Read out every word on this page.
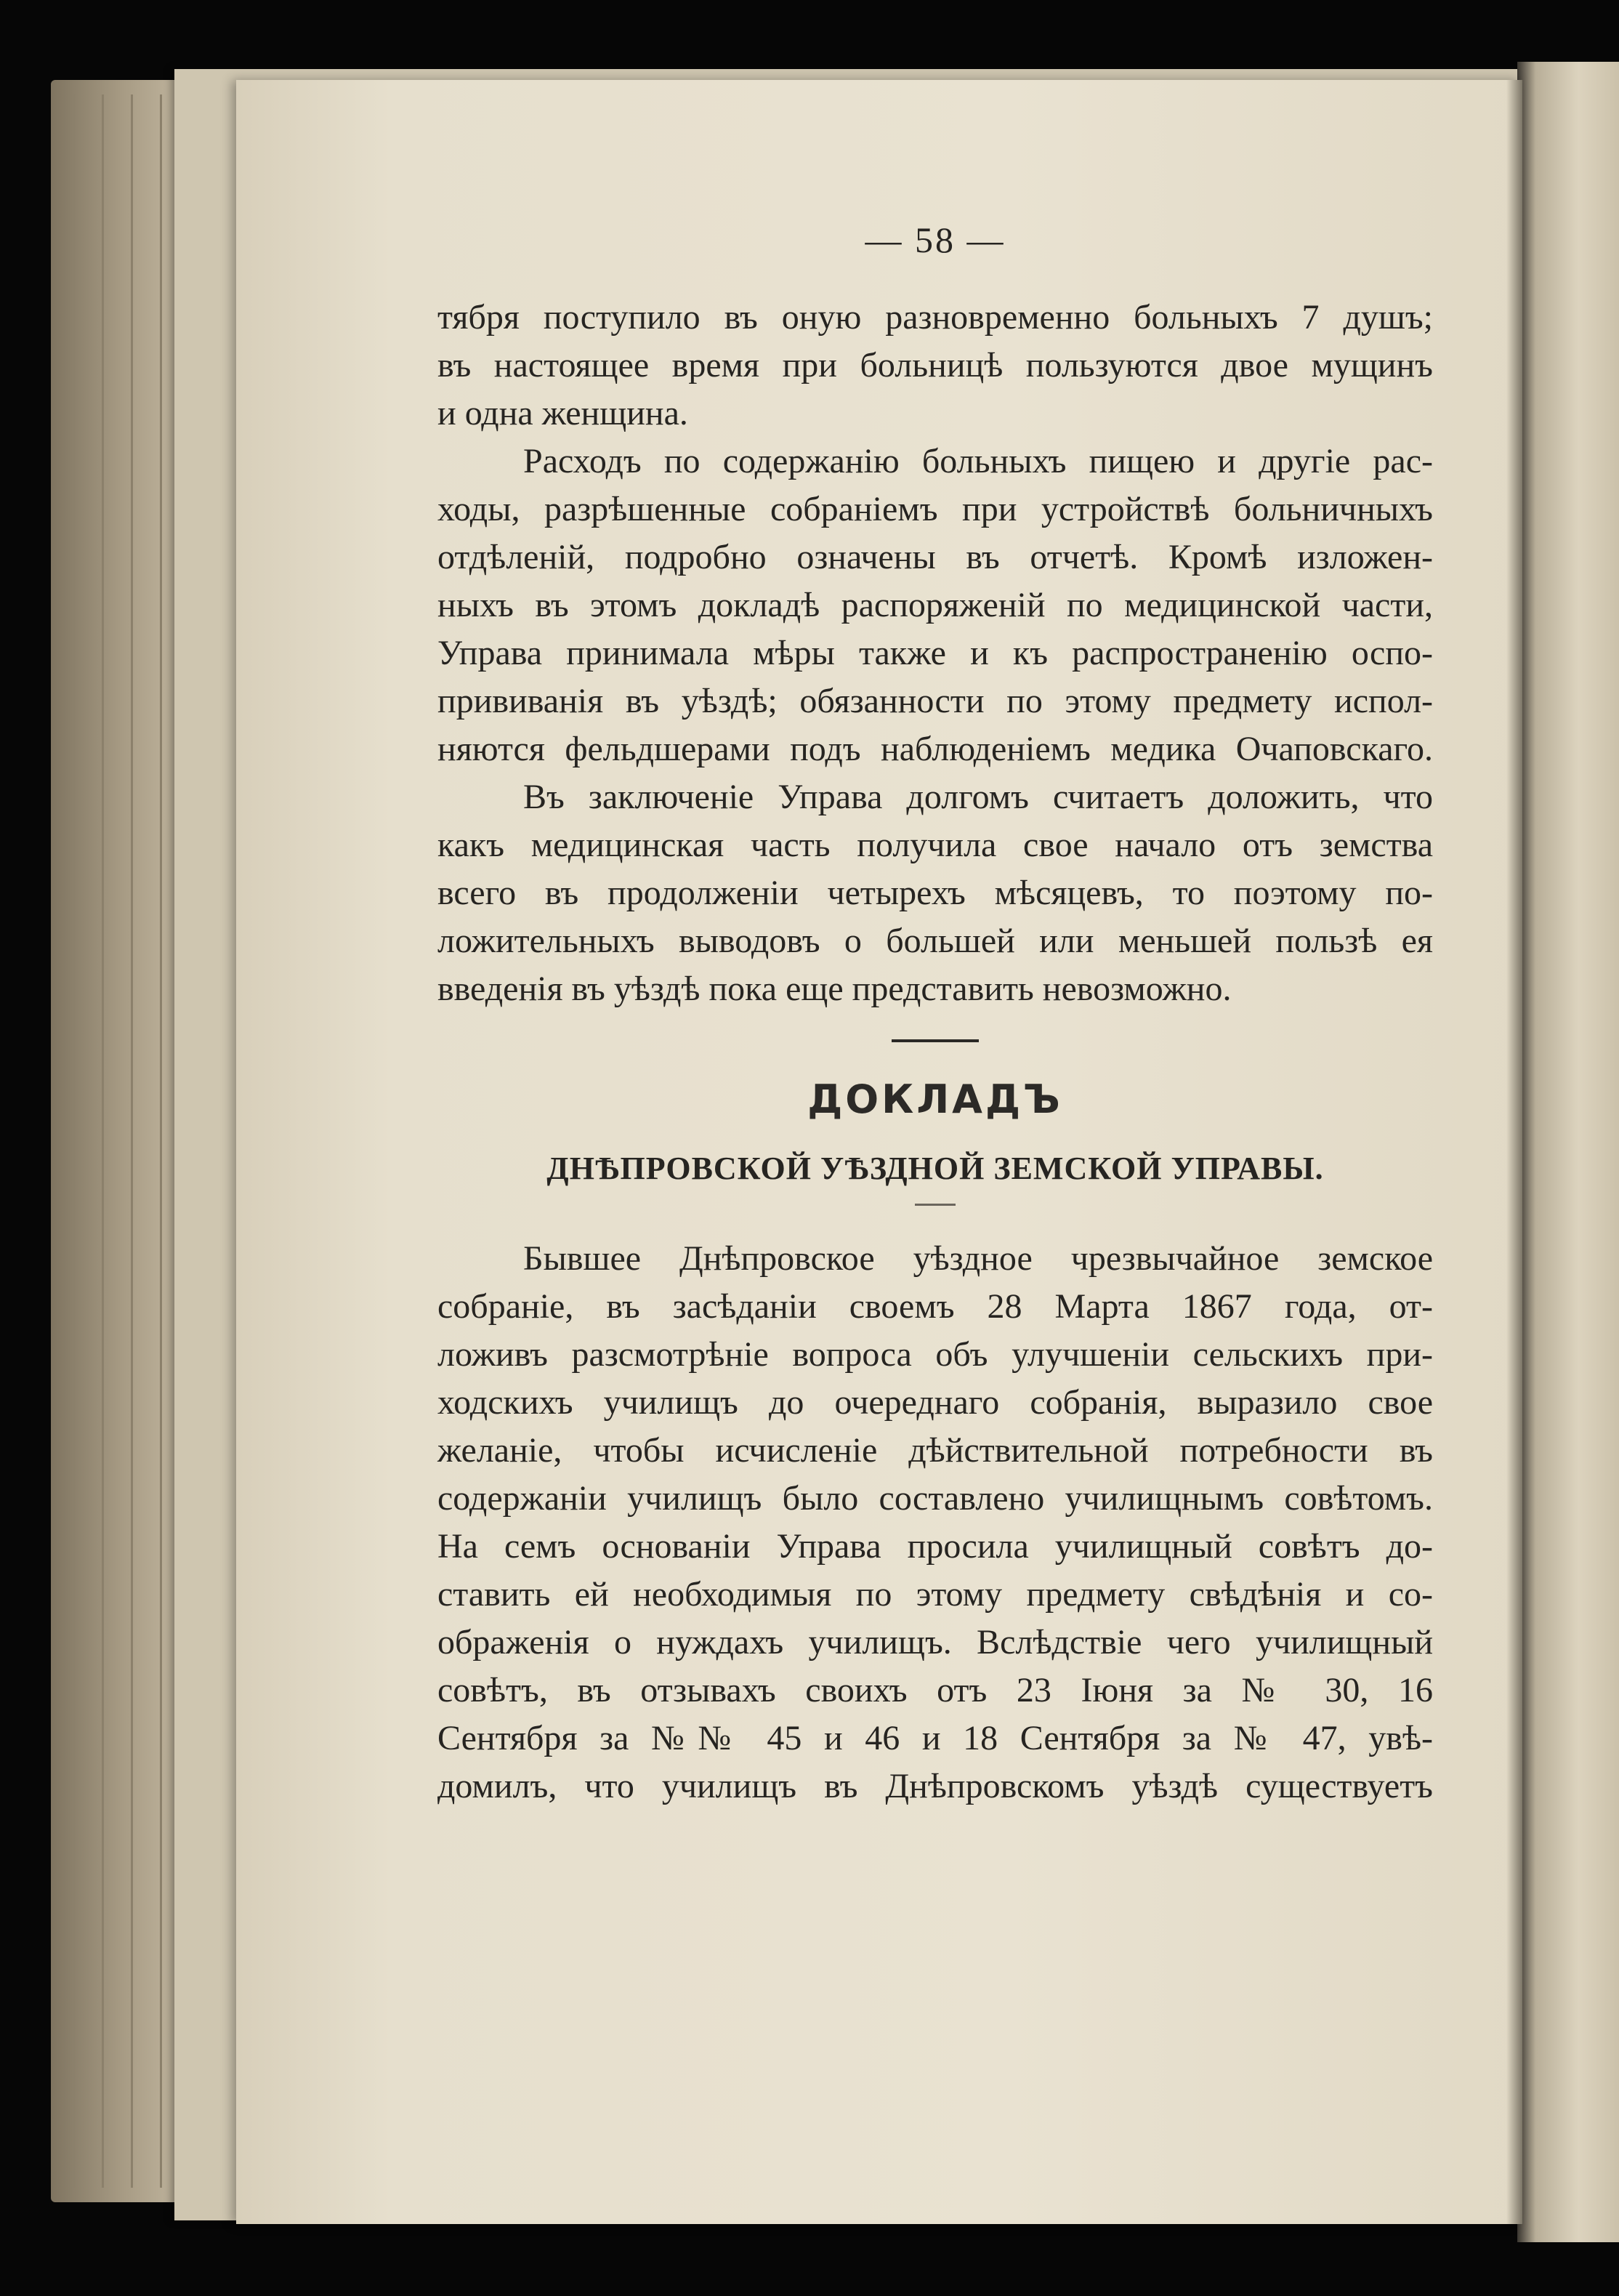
— 58 —

тября поступило въ оную разновременно больныхъ 7 душъ;
въ настоящее время при больницѣ пользуются двое мущинъ
и одна женщина.

Расходъ по содержанію больныхъ пищею и другіе рас-
ходы, разрѣшенные собраніемъ при устройствѣ больничныхъ
отдѣленій, подробно означены въ отчетѣ. Кромѣ изложен-
ныхъ въ этомъ докладѣ распоряженій по медицинской части,
Управа принимала мѣры также и къ распространенію оспо-
прививанія въ уѣздѣ; обязанности по этому предмету испол-
няются фельдшерами подъ наблюденіемъ медика Очаповскаго.

Въ заключеніе Управа долгомъ считаетъ доложить, что
какъ медицинская часть получила свое начало отъ земства
всего въ продолженіи четырехъ мѣсяцевъ, то поэтому по-
ложительныхъ выводовъ о большей или меньшей пользѣ ея
введенія въ уѣздѣ пока еще представить невозможно.

ДОКЛАДЪ
ДНѢПРОВСКОЙ УѢЗДНОЙ ЗЕМСКОЙ УПРАВЫ.

Бывшее Днѣпровское уѣздное чрезвычайное земское
собраніе, въ засѣданіи своемъ 28 Марта 1867 года, от-
ложивъ разсмотрѣніе вопроса объ улучшеніи сельскихъ при-
ходскихъ училищъ до очереднаго собранія, выразило свое
желаніе, чтобы исчисленіе дѣйствительной потребности въ
содержаніи училищъ было составлено училищнымъ совѣтомъ.
На семъ основаніи Управа просила училищный совѣтъ до-
ставить ей необходимыя по этому предмету свѣдѣнія и со-
ображенія о нуждахъ училищъ. Вслѣдствіе чего училищный
совѣтъ, въ отзывахъ своихъ отъ 23 Іюня за № 30, 16
Сентября за №№ 45 и 46 и 18 Сентября за № 47, увѣ-
домилъ, что училищъ въ Днѣпровскомъ уѣздѣ существуетъ
